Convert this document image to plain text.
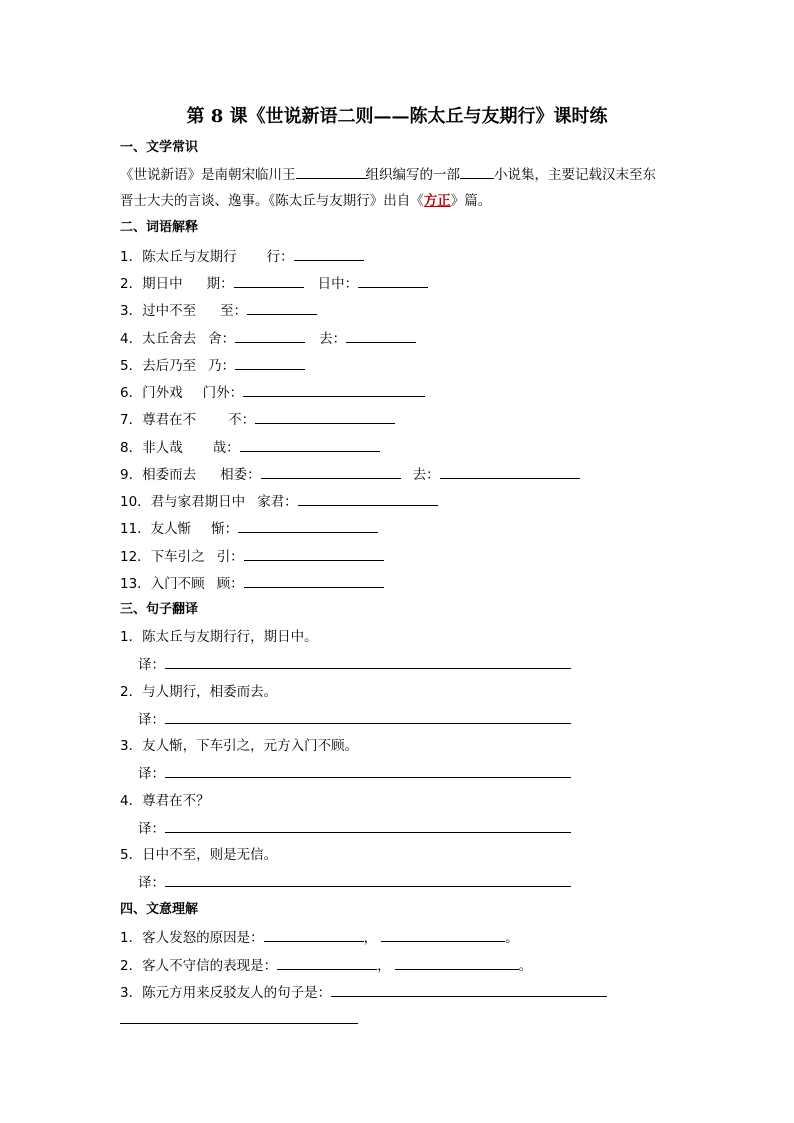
第 8 课《世说新语二则——陈太丘与友期行》课时练
一、文学常识
《世说新语》是南朝宋临川王	组织编写的一部	小说集，主要记载汉末至东
晋士大夫的言谈、逸事。《陈太丘与友期行》出自《方正》篇。
二、词语解释
1．陈太丘与友期行 行：
2．期日中 期：	日中：
3．过中不至 至：
4．太丘舍去 舍：	去：
5．去后乃至 乃：
6．门外戏 门外：
7．尊君在不 不：
8．非人哉 哉：
9．相委而去 相委：	去：
10．君与家君期日中 家君：
11．友人惭 惭：
12．下车引之 引：
13．入门不顾 顾：
三、句子翻译
1．陈太丘与友期行行，期日中。
译：
2．与人期行，相委而去。
译：
3．友人惭，下车引之，元方入门不顾。
译：
4．尊君在不？
译：
5．日中不至，则是无信。
译：
四、文意理解
1．客人发怒的原因是：	，	。
2．客人不守信的表现是：	，	。
3．陈元方用来反驳友人的句子是：
